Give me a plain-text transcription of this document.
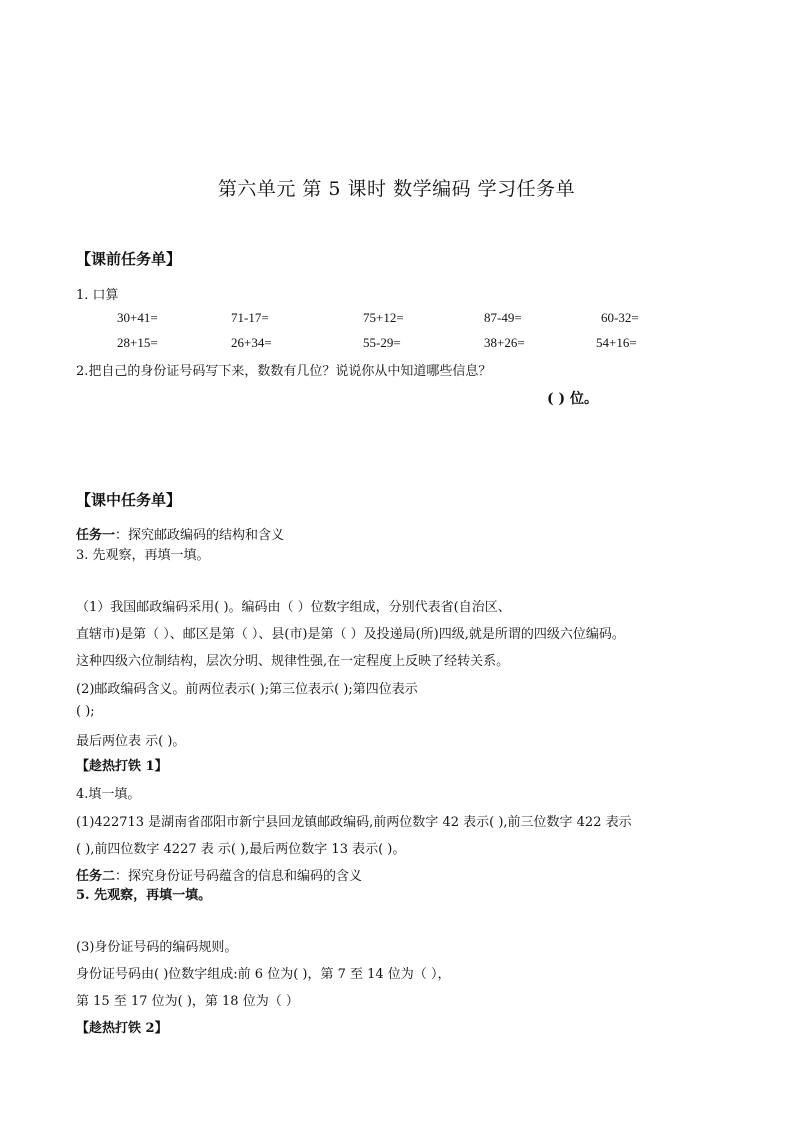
第六单元 第 5 课时 数学编码 学习任务单
【课前任务单】
1. 口算
30+41=	71-17=	75+12=	87-49=	60-32=
28+15=	26+34=	55-29=	38+26=	54+16=
2.把自己的身份证号码写下来，数数有几位？说说你从中知道哪些信息？
( ) 位。
【课中任务单】
任务一：探究邮政编码的结构和含义
3. 先观察，再填一填。
（1）我国邮政编码采用( )。编码由（ ）位数字组成，分别代表省(自治区、
直辖市)是第（ ）、邮区是第（ ）、县(市)是第（ ）及投递局(所)四级,就是所谓的四级六位编码。
这种四级六位制结构，层次分明、规律性强,在一定程度上反映了经转关系。
(2)邮政编码含义。前两位表示( );第三位表示( );第四位表示
( );
最后两位表 示( )。
【趁热打铁 1】
4.填一填。
(1)422713 是湖南省邵阳市新宁县回龙镇邮政编码,前两位数字 42 表示( ),前三位数字 422 表示
( ),前四位数字 4227 表 示( ),最后两位数字 13 表示( )。
任务二：探究身份证号码蕴含的信息和编码的含义
5. 先观察，再填一填。
(3)身份证号码的编码规则。
身份证号码由( )位数字组成:前 6 位为( )，第 7 至 14 位为（ ），
第 15 至 17 位为( )，第 18 位为（ ）
【趁热打铁 2】
